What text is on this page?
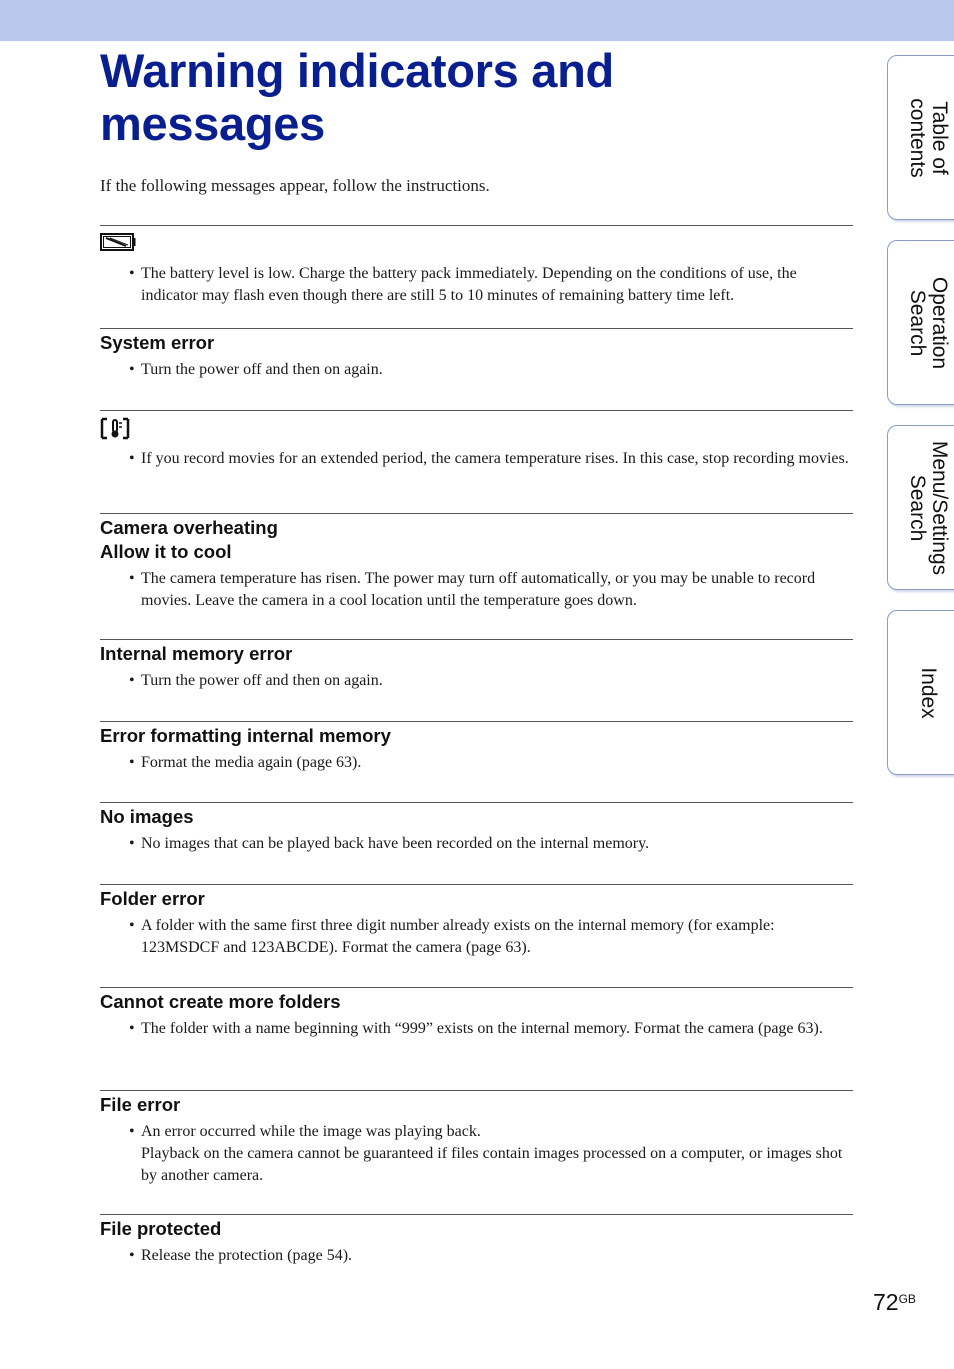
Warning indicators and messages
If the following messages appear, follow the instructions.
• The battery level is low. Charge the battery pack immediately. Depending on the conditions of use, the indicator may flash even though there are still 5 to 10 minutes of remaining battery time left.
System error
• Turn the power off and then on again.
• If you record movies for an extended period, the camera temperature rises. In this case, stop recording movies.
Camera overheating
Allow it to cool
• The camera temperature has risen. The power may turn off automatically, or you may be unable to record movies. Leave the camera in a cool location until the temperature goes down.
Internal memory error
• Turn the power off and then on again.
Error formatting internal memory
• Format the media again (page 63).
No images
• No images that can be played back have been recorded on the internal memory.
Folder error
• A folder with the same first three digit number already exists on the internal memory (for example: 123MSDCF and 123ABCDE). Format the camera (page 63).
Cannot create more folders
• The folder with a name beginning with “999” exists on the internal memory. Format the camera (page 63).
File error
• An error occurred while the image was playing back.
Playback on the camera cannot be guaranteed if files contain images processed on a computer, or images shot by another camera.
File protected
• Release the protection (page 54).
Table of
contents
Operation
Search
Menu/Settings
Search
Index
$72^{GB}$
